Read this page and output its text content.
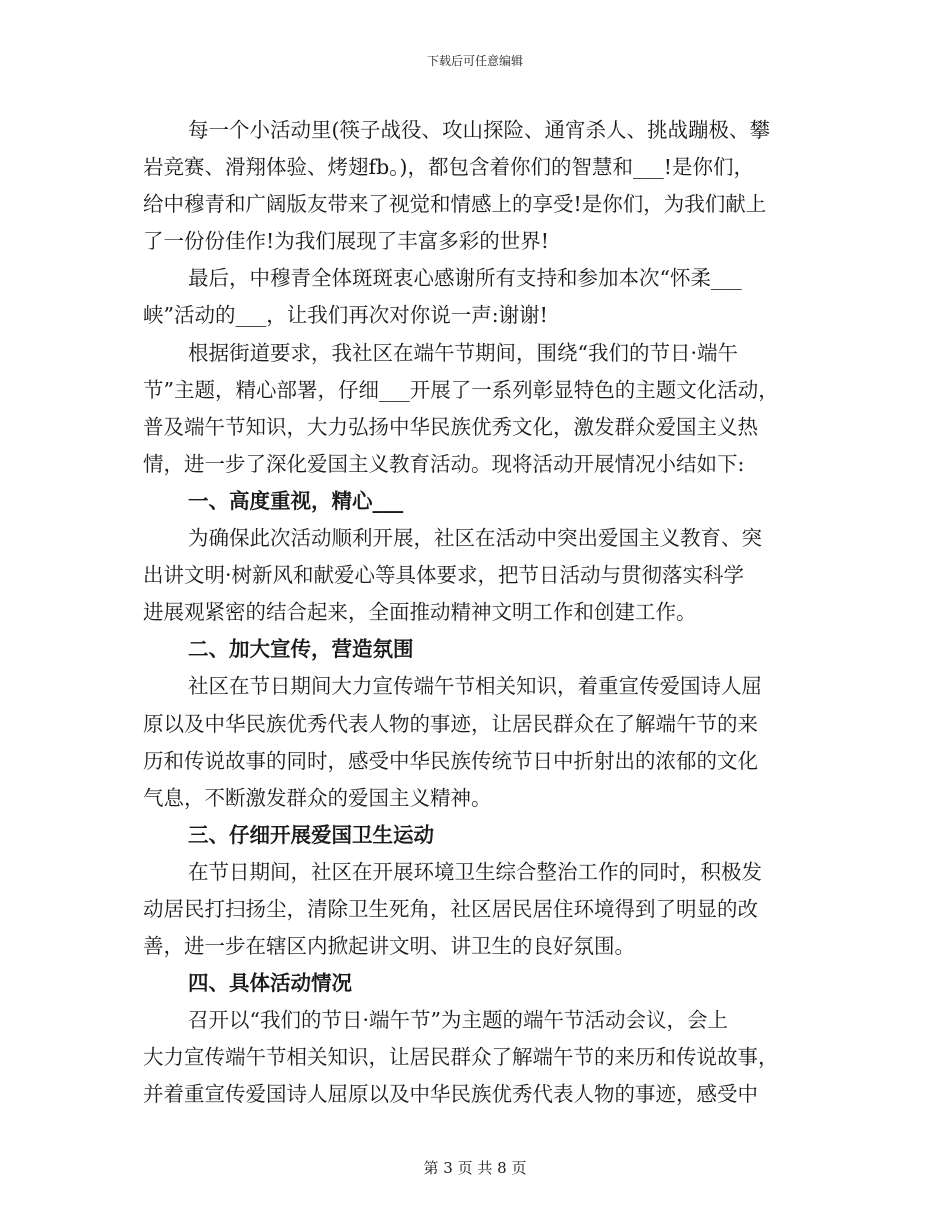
下载后可任意编辑
每一个小活动里(筷子战役、攻山探险、通宵杀人、挑战蹦极、攀
岩竞赛、滑翔体验、烤翅fb。)，都包含着你们的智慧和___!是你们，
给中穆青和广阔版友带来了视觉和情感上的享受!是你们，为我们献上
了一份份佳作!为我们展现了丰富多彩的世界!
最后，中穆青全体斑斑衷心感谢所有支持和参加本次“怀柔___
峡”活动的___，让我们再次对你说一声:谢谢!
根据街道要求，我社区在端午节期间，围绕“我们的节日·端午
节”主题，精心部署，仔细___开展了一系列彰显特色的主题文化活动，
普及端午节知识，大力弘扬中华民族优秀文化，激发群众爱国主义热
情，进一步了深化爱国主义教育活动。现将活动开展情况小结如下:
一、高度重视，精心___
为确保此次活动顺利开展，社区在活动中突出爱国主义教育、突
出讲文明·树新风和献爱心等具体要求，把节日活动与贯彻落实科学
进展观紧密的结合起来，全面推动精神文明工作和创建工作。
二、加大宣传，营造氛围
社区在节日期间大力宣传端午节相关知识，着重宣传爱国诗人屈
原以及中华民族优秀代表人物的事迹，让居民群众在了解端午节的来
历和传说故事的同时，感受中华民族传统节日中折射出的浓郁的文化
气息，不断激发群众的爱国主义精神。
三、仔细开展爱国卫生运动
在节日期间，社区在开展环境卫生综合整治工作的同时，积极发
动居民打扫扬尘，清除卫生死角，社区居民居住环境得到了明显的改
善，进一步在辖区内掀起讲文明、讲卫生的良好氛围。
四、具体活动情况
召开以“我们的节日·端午节”为主题的端午节活动会议，会上
大力宣传端午节相关知识，让居民群众了解端午节的来历和传说故事，
并着重宣传爱国诗人屈原以及中华民族优秀代表人物的事迹，感受中
第 3 页 共 8 页
